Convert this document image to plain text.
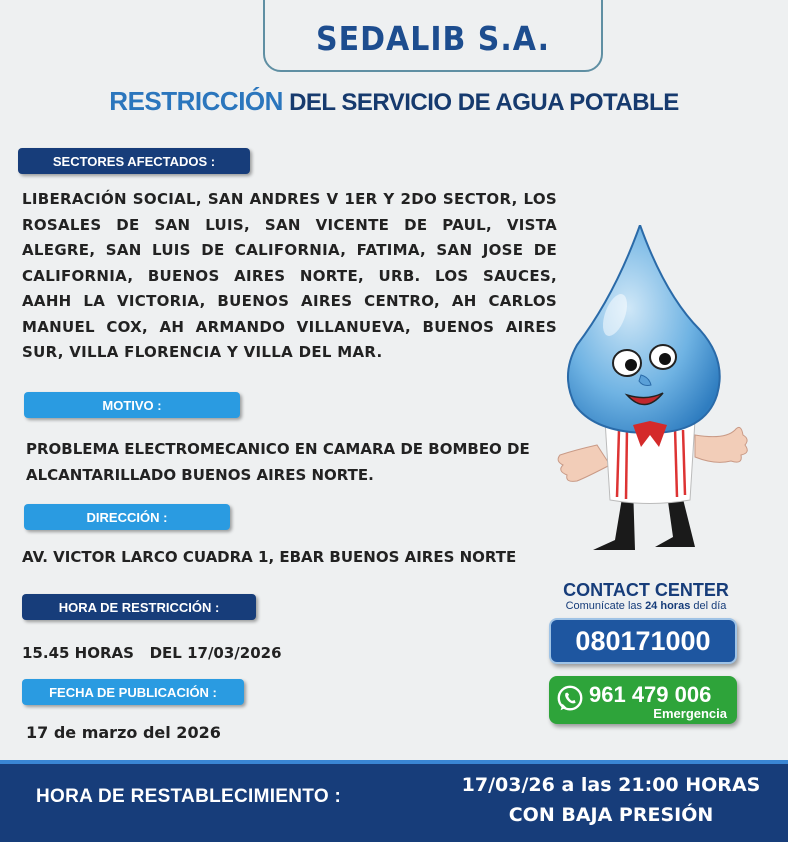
SEDALIB S.A.
RESTRICCIÓN DEL SERVICIO DE AGUA POTABLE
SECTORES AFECTADOS :
LIBERACIÓN SOCIAL, SAN ANDRES V 1ER Y 2DO SECTOR, LOS ROSALES DE SAN LUIS, SAN VICENTE DE PAUL, VISTA ALEGRE, SAN LUIS DE CALIFORNIA, FATIMA, SAN JOSE DE CALIFORNIA, BUENOS AIRES NORTE, URB. LOS SAUCES, AAHH LA VICTORIA, BUENOS AIRES CENTRO, AH CARLOS MANUEL COX, AH ARMANDO VILLANUEVA, BUENOS AIRES SUR, VILLA FLORENCIA Y VILLA DEL MAR.
MOTIVO :
PROBLEMA ELECTROMECANICO EN CAMARA DE BOMBEO DE ALCANTARILLADO BUENOS AIRES NORTE.
DIRECCIÓN :
AV. VICTOR LARCO CUADRA 1, EBAR BUENOS AIRES NORTE
HORA DE RESTRICCIÓN :
15.45 HORAS   DEL 17/03/2026
FECHA DE PUBLICACIÓN :
17 de marzo del 2026
CONTACT CENTER
Comunícate las 24 horas del día
080171000
961 479 006
Emergencia
HORA DE RESTABLECIMIENTO :
17/03/26 a las 21:00 HORAS
CON BAJA PRESIÓN
